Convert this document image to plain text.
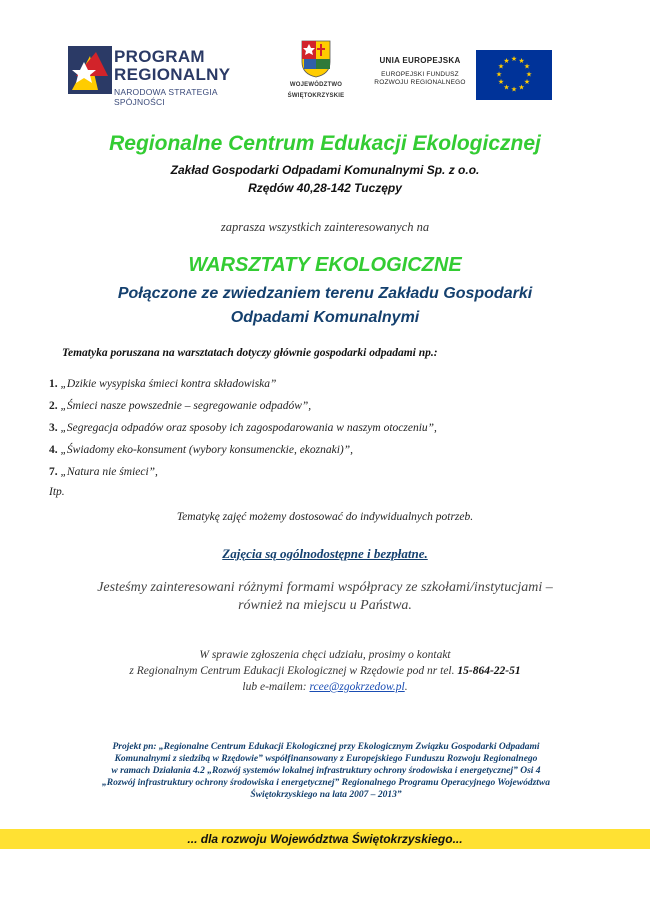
PROGRAM
REGIONALNY
NARODOWA STRATEGIA SPÓJNOŚCI
WOJEWÓDZTWO
ŚWIĘTOKRZYSKIE
UNIA EUROPEJSKA
EUROPEJSKI FUNDUSZ
ROZWOJU REGIONALNEGO
★ ★
★
★
★
★
★
★
★
★
★
★
Regionalne Centrum Edukacji Ekologicznej

Zakład Gospodarki Odpadami Komunalnymi Sp. z o.o.

Rzędów 40,28-142 Tuczępy

zaprasza wszystkich zainteresowanych na

WARSZTATY EKOLOGICZNE

Połączone ze zwiedzaniem terenu Zakładu Gospodarki

Odpadami Komunalnymi

Tematyka poruszana na warsztatach dotyczy głównie gospodarki odpadami np.:

1. „Dzikie wysypiska śmieci kontra składowiska”
2. „Śmieci nasze powszednie – segregowanie odpadów”,
3. „Segregacja odpadów oraz sposoby ich zagospodarowania w naszym otoczeniu”,
4. „Świadomy eko-konsument (wybory konsumenckie, ekoznaki)”,
7. „Natura nie śmieci”,

Itp.

Tematykę zajęć możemy dostosować do indywidualnych potrzeb.

Zajęcia są ogólnodostępne i bezpłatne.

Jesteśmy zainteresowani różnymi formami współpracy ze szkołami/instytucjami –

również na miejscu u Państwa.

W sprawie zgłoszenia chęci udziału, prosimy o kontakt

z Regionalnym Centrum Edukacji Ekologicznej w Rzędowie pod nr tel. 15-864-22-51

lub e-mailem: rcee@zgokrzedow.pl.

Projekt pn: „Regionalne Centrum Edukacji Ekologicznej przy Ekologicznym Związku Gospodarki Odpadami
Komunalnymi z siedzibą w Rzędowie” współfinansowany z Europejskiego Funduszu Rozwoju Regionalnego
w ramach Działania 4.2 „Rozwój systemów lokalnej infrastruktury ochrony środowiska i energetycznej” Osi 4
„Rozwój infrastruktury ochrony środowiska i energetycznej” Regionalnego Programu Operacyjnego Województwa
Świętokrzyskiego na lata 2007 – 2013”
... dla rozwoju Województwa Świętokrzyskiego...
